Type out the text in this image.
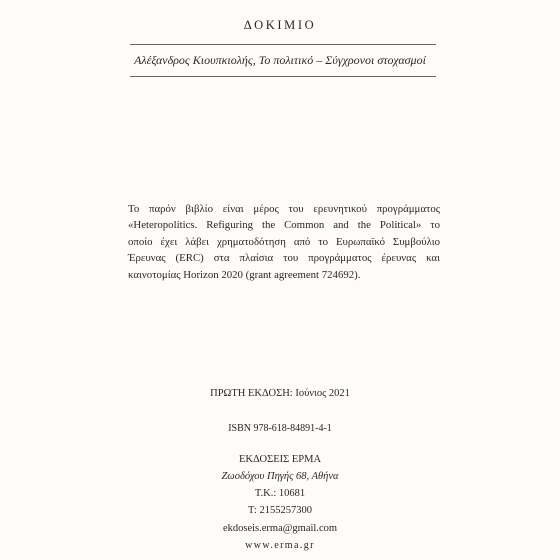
ΔΟΚΙΜΙΟ
Αλέξανδρος Κιουπκιολής, Το πολιτικό – Σύγχρονοι στοχασμοί
Το παρόν βιβλίο είναι μέρος του ερευνητικού προγράμματος
«Heteropolitics. Refiguring the Common and the Political» το
οποίο έχει λάβει χρηματοδότηση από το Ευρωπαϊκό Συμβούλιο
Έρευνας (ERC) στα πλαίσια του προγράμματος έρευνας και
καινοτομίας Horizon 2020 (grant agreement 724692).
ΠΡΩΤΗ ΕΚΔΟΣΗ: Ιούνιος 2021
ISBN 978-618-84891-4-1
ΕΚΔΟΣΕΙΣ ΕΡΜΑ
Ζωοδόχου Πηγής 68, Αθήνα
Τ.Κ.: 10681
Τ: 2155257300
ekdoseis.erma@gmail.com
www.erma.gr
